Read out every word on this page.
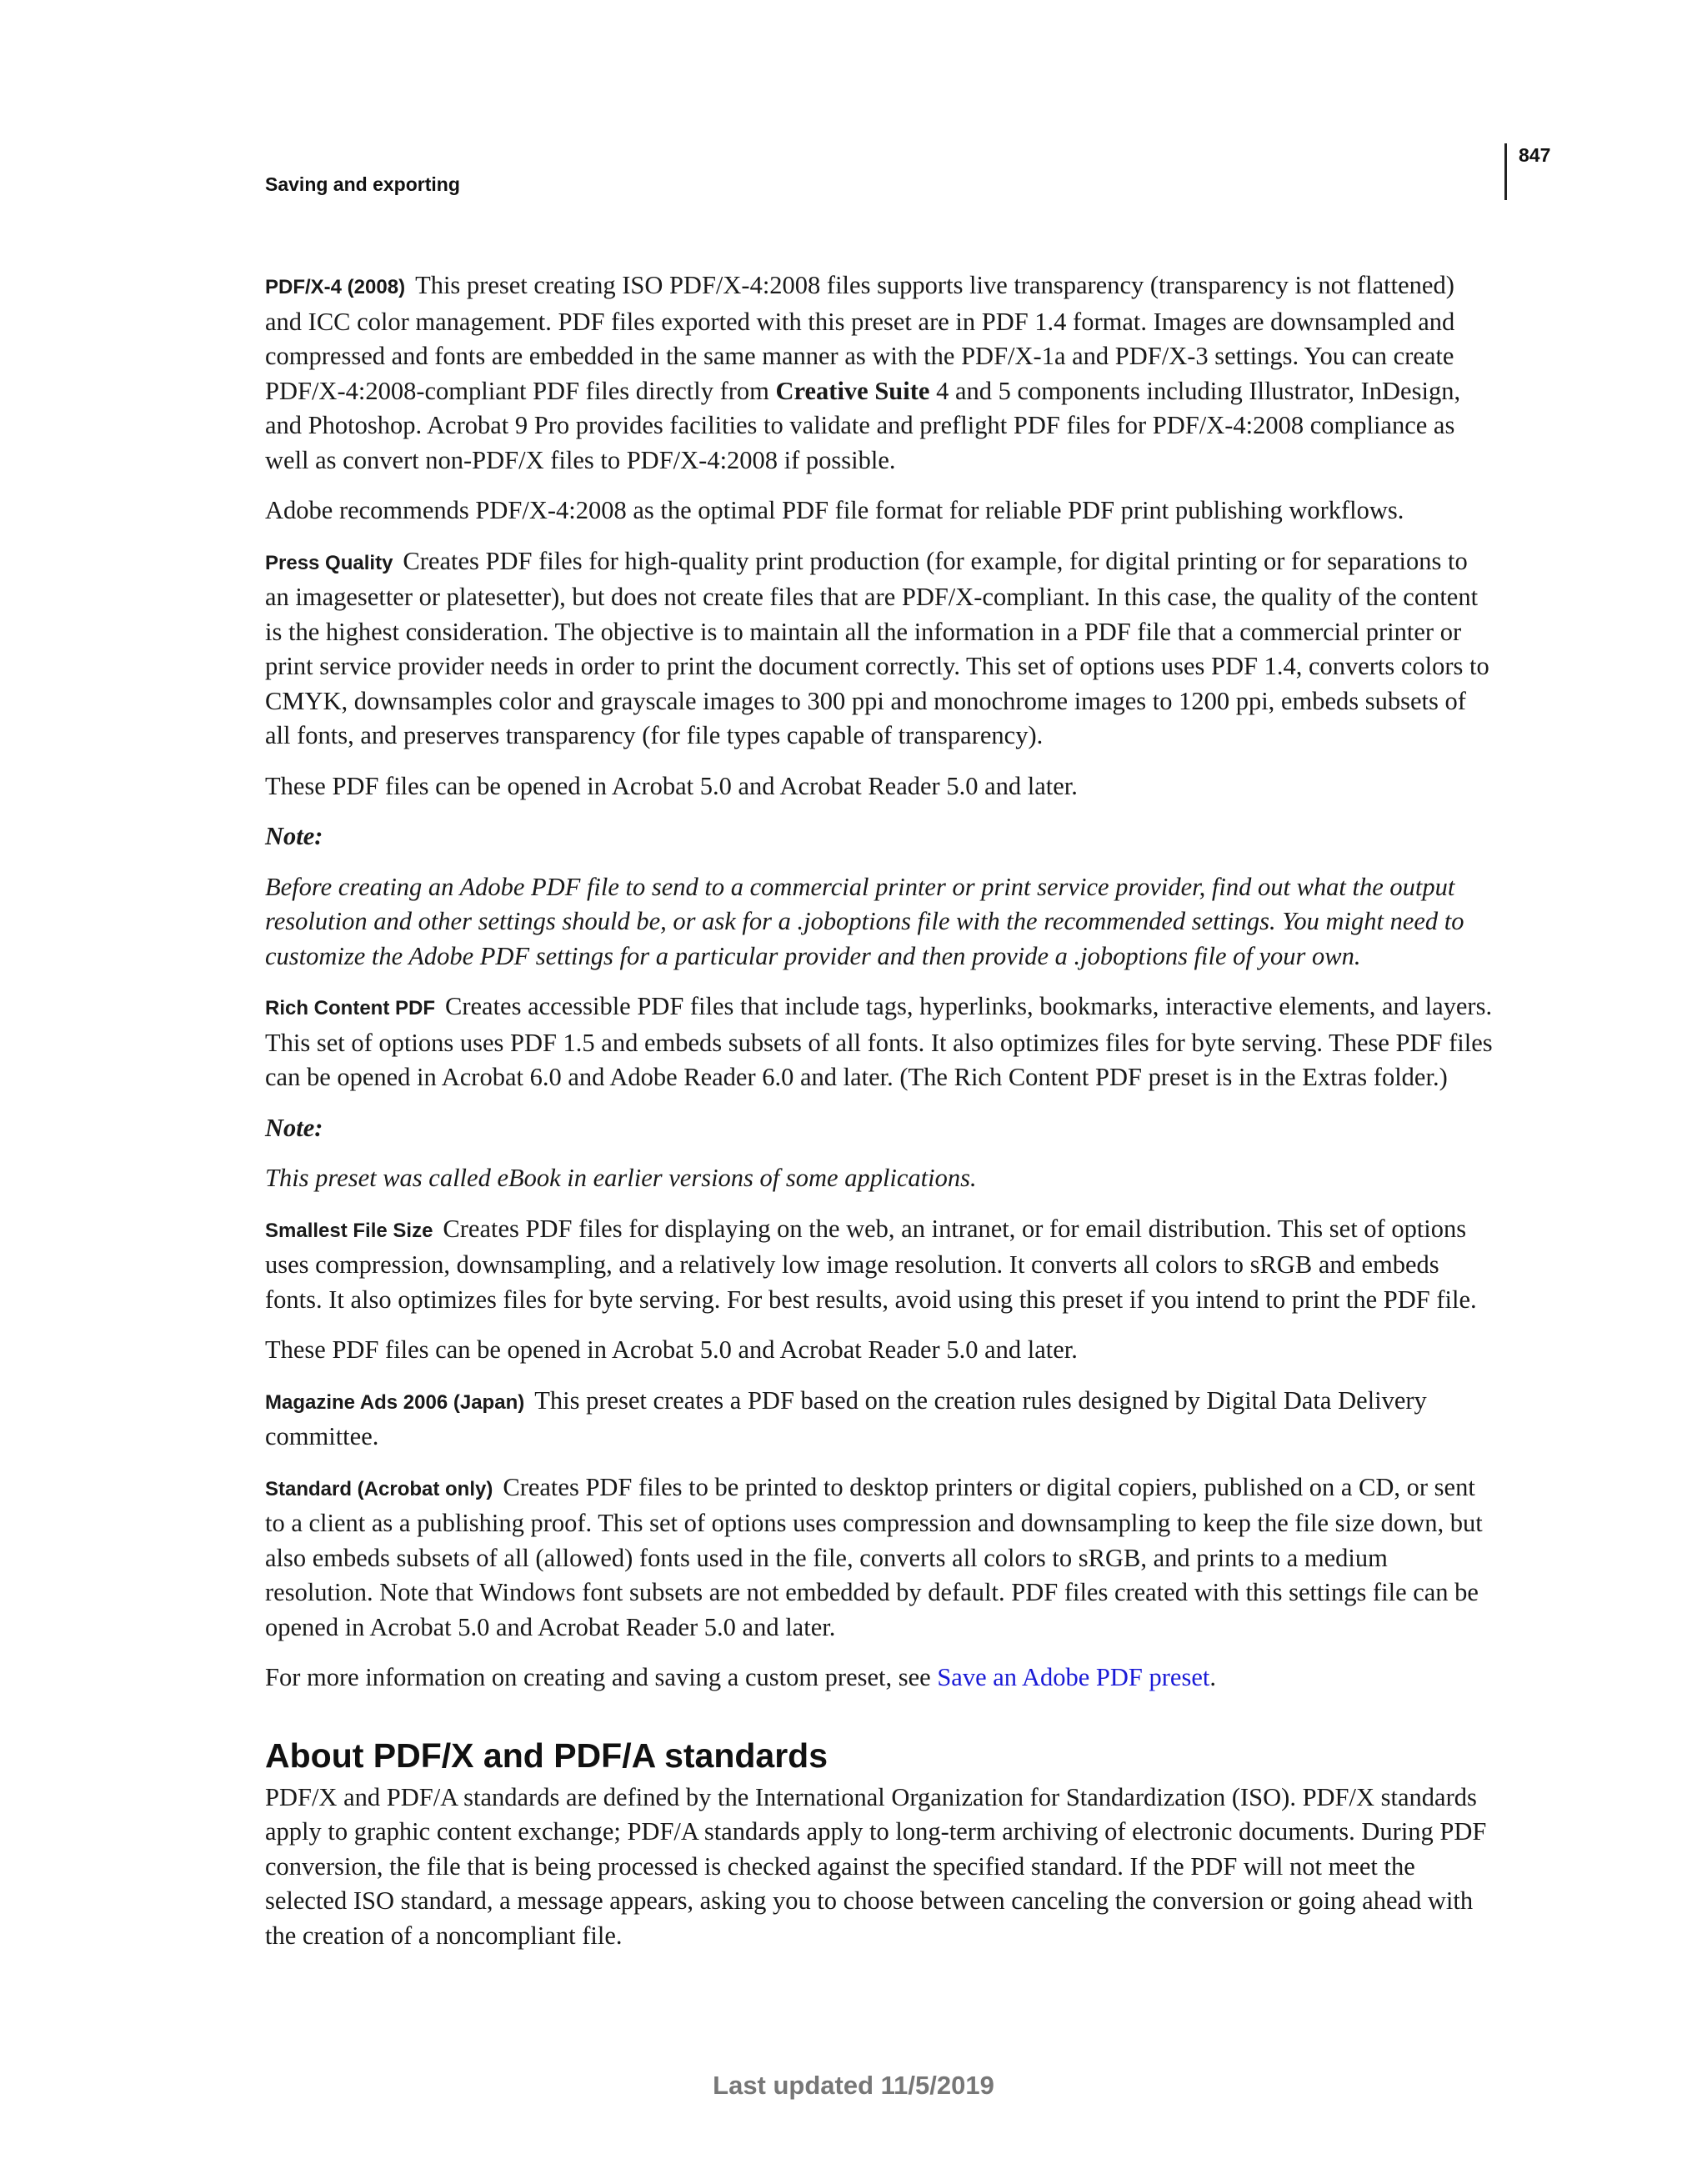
Saving and exporting
847

PDF/X-4 (2008) This preset creating ISO PDF/X-4:2008 files supports live transparency (transparency is not flattened) and ICC color management. PDF files exported with this preset are in PDF 1.4 format. Images are downsampled and compressed and fonts are embedded in the same manner as with the PDF/X-1a and PDF/X-3 settings. You can create PDF/X-4:2008-compliant PDF files directly from Creative Suite 4 and 5 components including Illustrator, InDesign, and Photoshop. Acrobat 9 Pro provides facilities to validate and preflight PDF files for PDF/X-4:2008 compliance as well as convert non-PDF/X files to PDF/X-4:2008 if possible.

Adobe recommends PDF/X-4:2008 as the optimal PDF file format for reliable PDF print publishing workflows.

Press Quality Creates PDF files for high-quality print production (for example, for digital printing or for separations to an imagesetter or platesetter), but does not create files that are PDF/X-compliant. In this case, the quality of the content is the highest consideration. The objective is to maintain all the information in a PDF file that a commercial printer or print service provider needs in order to print the document correctly. This set of options uses PDF 1.4, converts colors to CMYK, downsamples color and grayscale images to 300 ppi and monochrome images to 1200 ppi, embeds subsets of all fonts, and preserves transparency (for file types capable of transparency).

These PDF files can be opened in Acrobat 5.0 and Acrobat Reader 5.0 and later.

Note:

Before creating an Adobe PDF file to send to a commercial printer or print service provider, find out what the output resolution and other settings should be, or ask for a .joboptions file with the recommended settings. You might need to customize the Adobe PDF settings for a particular provider and then provide a .joboptions file of your own.

Rich Content PDF Creates accessible PDF files that include tags, hyperlinks, bookmarks, interactive elements, and layers. This set of options uses PDF 1.5 and embeds subsets of all fonts. It also optimizes files for byte serving. These PDF files can be opened in Acrobat 6.0 and Adobe Reader 6.0 and later. (The Rich Content PDF preset is in the Extras folder.)

Note:

This preset was called eBook in earlier versions of some applications.

Smallest File Size Creates PDF files for displaying on the web, an intranet, or for email distribution. This set of options uses compression, downsampling, and a relatively low image resolution. It converts all colors to sRGB and embeds fonts. It also optimizes files for byte serving. For best results, avoid using this preset if you intend to print the PDF file.

These PDF files can be opened in Acrobat 5.0 and Acrobat Reader 5.0 and later.

Magazine Ads 2006 (Japan) This preset creates a PDF based on the creation rules designed by Digital Data Delivery committee.

Standard (Acrobat only) Creates PDF files to be printed to desktop printers or digital copiers, published on a CD, or sent to a client as a publishing proof. This set of options uses compression and downsampling to keep the file size down, but also embeds subsets of all (allowed) fonts used in the file, converts all colors to sRGB, and prints to a medium resolution. Note that Windows font subsets are not embedded by default. PDF files created with this settings file can be opened in Acrobat 5.0 and Acrobat Reader 5.0 and later.

For more information on creating and saving a custom preset, see Save an Adobe PDF preset.

About PDF/X and PDF/A standards

PDF/X and PDF/A standards are defined by the International Organization for Standardization (ISO). PDF/X standards apply to graphic content exchange; PDF/A standards apply to long-term archiving of electronic documents. During PDF conversion, the file that is being processed is checked against the specified standard. If the PDF will not meet the selected ISO standard, a message appears, asking you to choose between canceling the conversion or going ahead with the creation of a noncompliant file.

Last updated 11/5/2019
